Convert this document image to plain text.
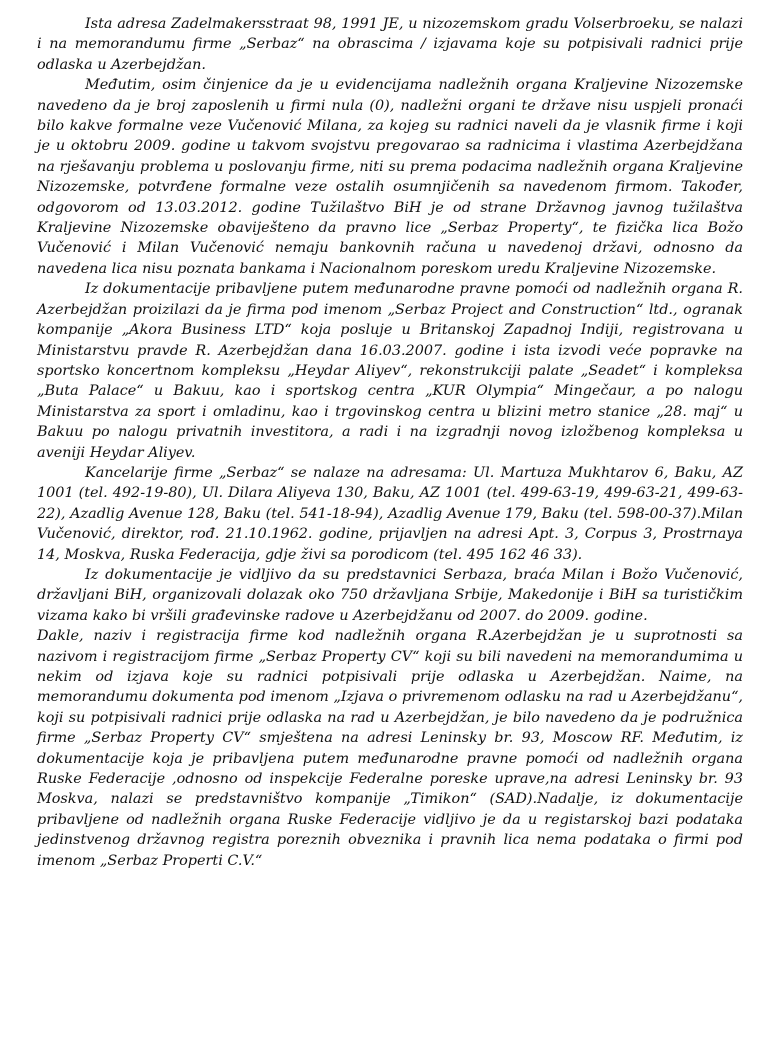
Ista adresa Zadelmakersstraat 98, 1991 JE, u nizozemskom gradu Volserbroeku, se nalazi i na memorandumu firme „Serbaz“ na obrascima / izjavama koje su potpisivali radnici prije odlaska u Azerbejdžan.

Međutim, osim činjenice da je u evidencijama nadležnih organa Kraljevine Nizozemske navedeno da je broj zaposlenih u firmi nula (0), nadležni organi te države nisu uspjeli pronaći bilo kakve formalne veze Vučenović Milana, za kojeg su radnici naveli da je vlasnik firme i koji je u oktobru 2009. godine u takvom svojstvu pregovarao sa radnicima i vlastima Azerbejdžana na rješavanju problema u poslovanju firme, niti su prema podacima nadležnih organa Kraljevine Nizozemske, potvrđene formalne veze ostalih osumnjičenih sa navedenom firmom. Također, odgovorom od 13.03.2012. godine Tužilaštvo BiH je od strane Državnog javnog tužilaštva Kraljevine Nizozemske obaviješteno da pravno lice „Serbaz Property“, te fizička lica Božo Vučenović i Milan Vučenović nemaju bankovnih računa u navedenoj državi, odnosno da navedena lica nisu poznata bankama i Nacionalnom poreskom uredu Kraljevine Nizozemske.

Iz dokumentacije pribavljene putem međunarodne pravne pomoći od nadležnih organa R. Azerbejdžan proizilazi da je firma pod imenom „Serbaz Project and Construction“ ltd., ogranak kompanije „Akora Business LTD“ koja posluje u Britanskoj Zapadnoj Indiji, registrovana u Ministarstvu pravde R. Azerbejdžan dana 16.03.2007. godine i ista izvodi veće popravke na sportsko koncertnom kompleksu „Heydar Aliyev“, rekonstrukciji palate „Seadet“ i kompleksa „Buta Palace“ u Bakuu, kao i sportskog centra „KUR Olympia“ Mingečaur, a po nalogu Ministarstva za sport i omladinu, kao i trgovinskog centra u blizini metro stanice „28. maj“ u Bakuu po nalogu privatnih investitora, a radi i na izgradnji novog izložbenog kompleksa u aveniji Heydar Aliyev.

Kancelarije firme „Serbaz“ se nalaze na adresama: Ul. Martuza Mukhtarov 6, Baku, AZ 1001 (tel. 492-19-80), Ul. Dilara Aliyeva 130, Baku, AZ 1001 (tel. 499-63-19, 499-63-21, 499-63-22), Azadlig Avenue 128, Baku (tel. 541-18-94), Azadlig Avenue 179, Baku (tel. 598-00-37).Milan Vučenović, direktor, rođ. 21.10.1962. godine, prijavljen na adresi Apt. 3, Corpus 3, Prostrnaya 14, Moskva, Ruska Federacija, gdje živi sa porodicom (tel. 495 162 46 33).

Iz dokumentacije je vidljivo da su predstavnici Serbaza, braća Milan i Božo Vučenović, državljani BiH, organizovali dolazak oko 750 državljana Srbije, Makedonije i BiH sa turističkim vizama kako bi vršili građevinske radove u Azerbejdžanu od 2007. do 2009. godine.

Dakle, naziv i registracija firme kod nadležnih organa R.Azerbejdžan je u suprotnosti sa nazivom i registracijom firme „Serbaz Property CV“ koji su bili navedeni na memorandumima u nekim od izjava koje su radnici potpisivali prije odlaska u Azerbejdžan. Naime, na memorandumu dokumenta pod imenom „Izjava o privremenom odlasku na rad u Azerbejdžanu“, koji su potpisivali radnici prije odlaska na rad u Azerbejdžan, je bilo navedeno da je podružnica firme „Serbaz Property CV“ smještena na adresi Leninsky br. 93, Moscow RF. Međutim, iz dokumentacije koja je pribavljena putem međunarodne pravne pomoći od nadležnih organa Ruske Federacije ,odnosno od inspekcije Federalne poreske uprave,na adresi Leninsky br. 93 Moskva, nalazi se predstavništvo kompanije „Timikon“ (SAD).Nadalje, iz dokumentacije pribavljene od nadležnih organa Ruske Federacije vidljivo je da u registarskoj bazi podataka jedinstvenog državnog registra poreznih obveznika i pravnih lica nema podataka o firmi pod imenom „Serbaz Properti C.V.“
